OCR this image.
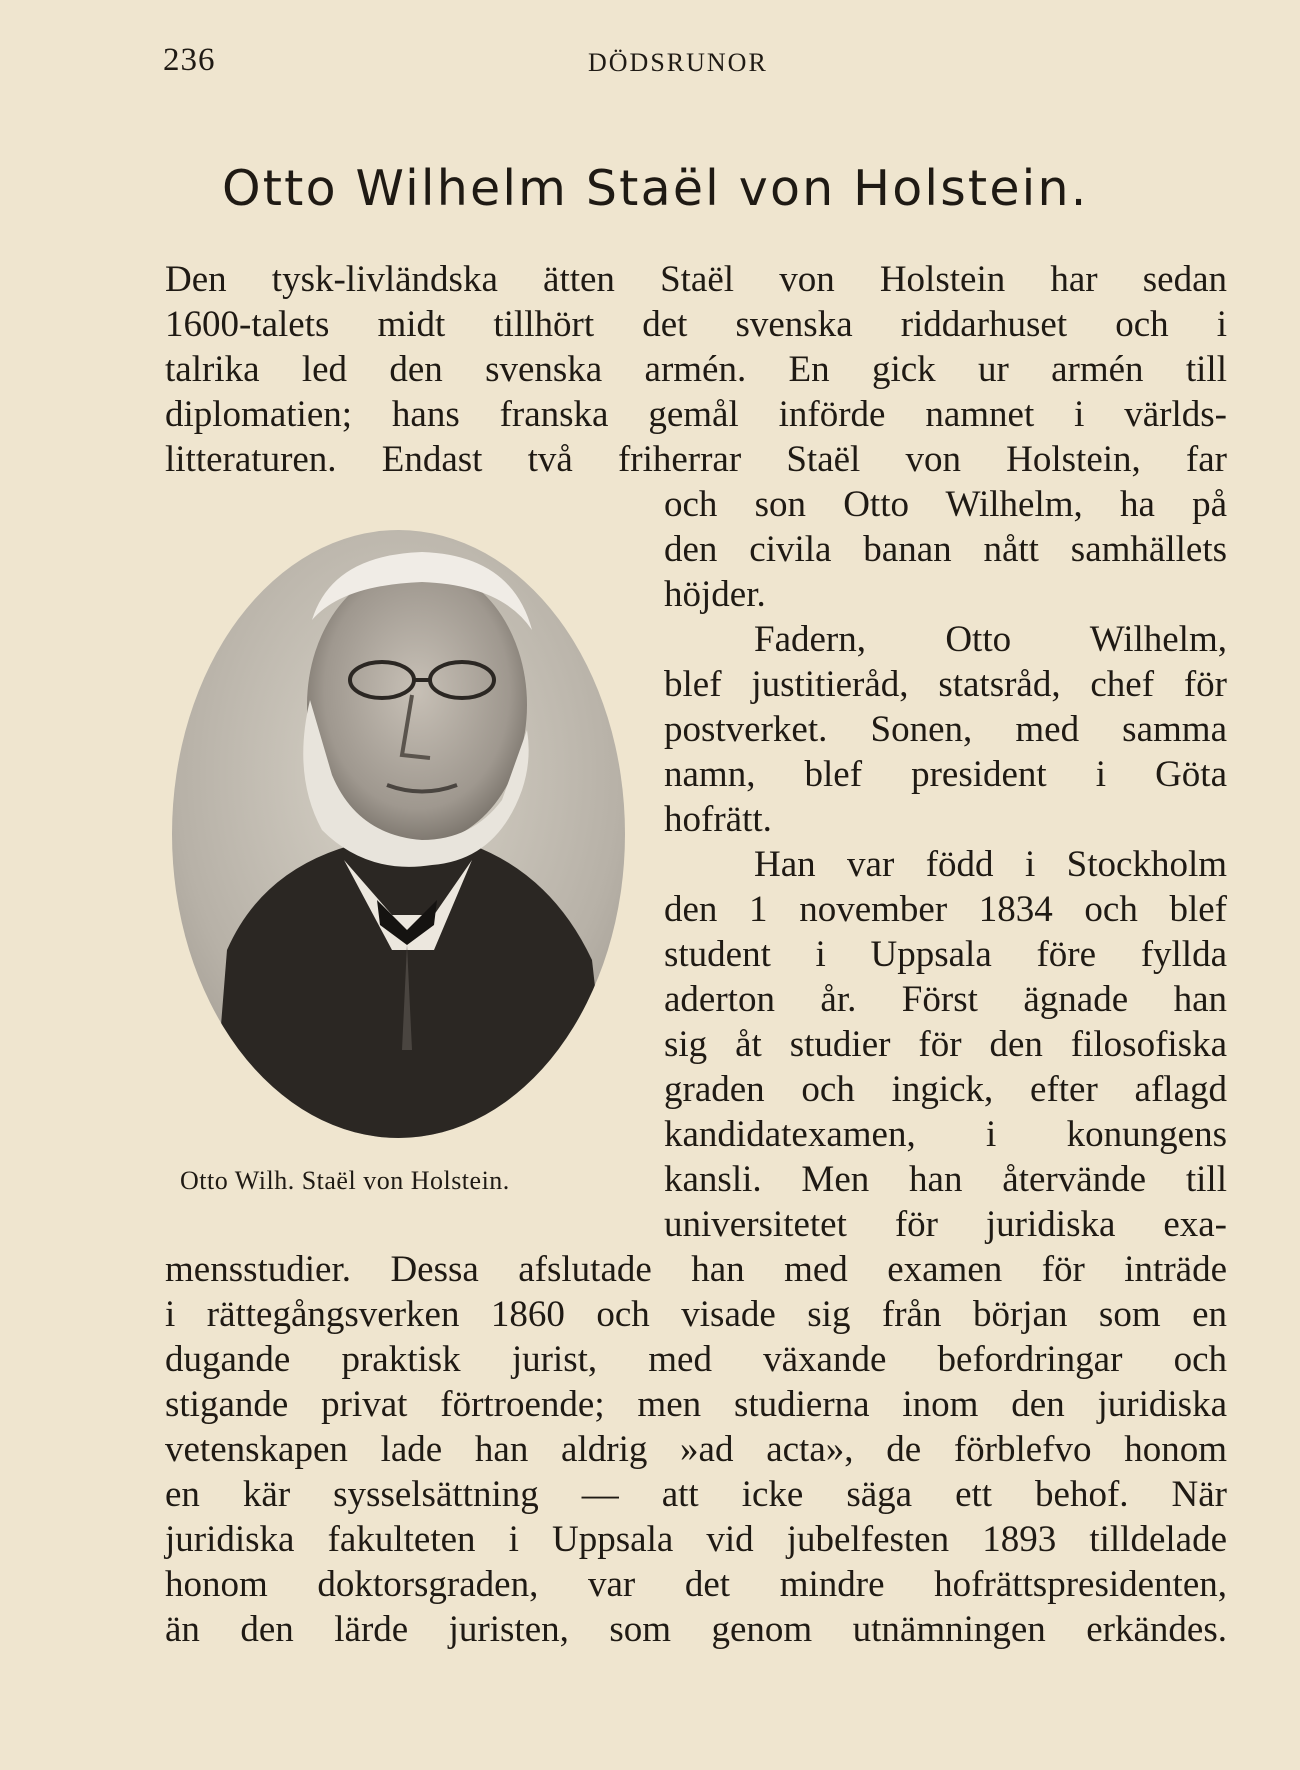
236	DÖDSRUNOR
Otto Wilhelm Staël von Holstein.
Otto Wilh. Staël von Holstein.
Den tysk-livländska ätten Staël von Holstein har sedan
1600-talets midt tillhört det svenska riddarhuset och i
talrika led den svenska armén. En gick ur armén till
diplomatien; hans franska gemål införde namnet i världs-
litteraturen. Endast två friherrar Staël von Holstein, far
och son Otto Wilhelm, ha på
den civila banan nått samhällets
höjder.
Fadern, Otto Wilhelm,
blef justitieråd, statsråd, chef för
postverket. Sonen, med samma
namn, blef president i Göta
hofrätt.
Han var född i Stockholm
den 1 november 1834 och blef
student i Uppsala före fyllda
aderton år. Först ägnade han
sig åt studier för den filosofiska
graden och ingick, efter aflagd
kandidatexamen, i konungens
kansli. Men han återvände till
universitetet för juridiska exa-
mensstudier. Dessa afslutade han med examen för inträde
i rättegångsverken 1860 och visade sig från början som en
dugande praktisk jurist, med växande befordringar och
stigande privat förtroende; men studierna inom den juridiska
vetenskapen lade han aldrig »ad acta», de förblefvo honom
en kär sysselsättning — att icke säga ett behof. När
juridiska fakulteten i Uppsala vid jubelfesten 1893 tilldelade
honom doktorsgraden, var det mindre hofrättspresidenten,
än den lärde juristen, som genom utnämningen erkändes.
